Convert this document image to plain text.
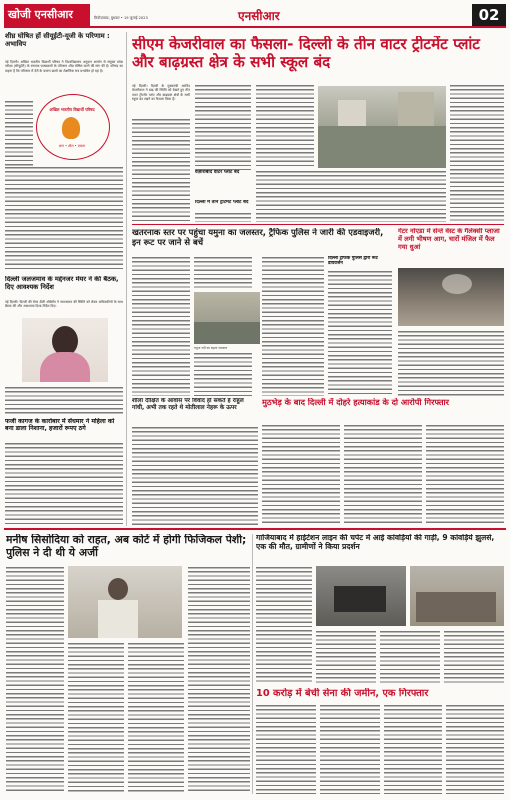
खोजी एनसीआर	फ़िरोज़ाबाद, बुधवार • 19 जुलाई 2023	एनसीआर	02
शीघ्र घोषित हों सीयूईटी-यूजी के परिणाम : अभाविप
नई दिल्ली। अखिल भारतीय विद्यार्थी परिषद ने विश्वविद्यालय अनुदान आयोग से संयुक्त प्रवेश परीक्षा (सीयूईटी) के स्नातक पाठ्यक्रमों के परिणाम शीघ्र घोषित करने की मांग की है। परिषद का कहना है कि परिणाम में देरी के कारण छात्रों का शैक्षणिक सत्र प्रभावित हो रहा है।
अखिल भारतीय विद्यार्थी परिषद
ज्ञान • शील • एकता
दिल्ली जलजमाव के मद्देनजर मेयर ने की बैठक, दिए आवश्यक निर्देश
नई दिल्ली। दिल्ली की मेयर शैली ओबेरॉय ने जलजमाव की स्थिति को लेकर अधिकारियों के साथ बैठक की और आवश्यक दिशा-निर्देश दिए।
फर्जी कागज के कारोबार में सेंधमार ने महिला को बना डाला निशाना, हजारों रूपए ठगे
सीएम केजरीवाल का फैसला- दिल्ली के तीन वाटर ट्रीटमेंट प्लांट और बाढ़ग्रस्त क्षेत्र के सभी स्कूल बंद
नई दिल्ली। दिल्ली के मुख्यमंत्री अरविंद केजरीवाल ने बाढ़ की स्थिति को देखते हुए तीन वाटर ट्रीटमेंट प्लांट और बाढ़ग्रस्त क्षेत्रों के सभी स्कूल बंद रखने का फैसला किया है।
वज़ीराबाद वाटर प्लांट बंद
दिल्ली में तीन ट्रीटमेंट प्लांट बंद
खतरनाक स्तर पर पहुंचा यमुना का जलस्तर, ट्रैफिक पुलिस ने जारी की एडवाइजरी, इन रूट पर जाने से बचें
यमुना नदी का बढ़ता जलस्तर
दिल्ली ट्रैफिक पुलिस द्वारा रूट डायवर्जन
गेटर नोएडा में सेन्ते वेस्ट के गैलेक्सी प्लाजा में लगी भीषण आग, चारों मंजिल में फैल गया धुआं
शीला दीक्षित के आवास पर विवाद हो सकते हैं राहुल गांधी, अभी तक रहते थे मोतीलाल नेहरू के ऊपर
मुठभेड़ के बाद दिल्ली में दोहरे हत्याकांड के दो आरोपी गिरफ्तार
मनीष सिसोदिया को राहत, अब कोर्ट में होगी फिजिकल पेशी; पुलिस ने दी थी ये अर्जी
गाजियाबाद में हाईटेंशन लाइन की चपेट में आई कांवड़ियों की गाड़ी, 9 कांवड़िये झुलसे, एक की मौत, ग्रामीणों ने किया प्रदर्शन
10 करोड़ में बेची सेना की जमीन, एक गिरफ्तार
